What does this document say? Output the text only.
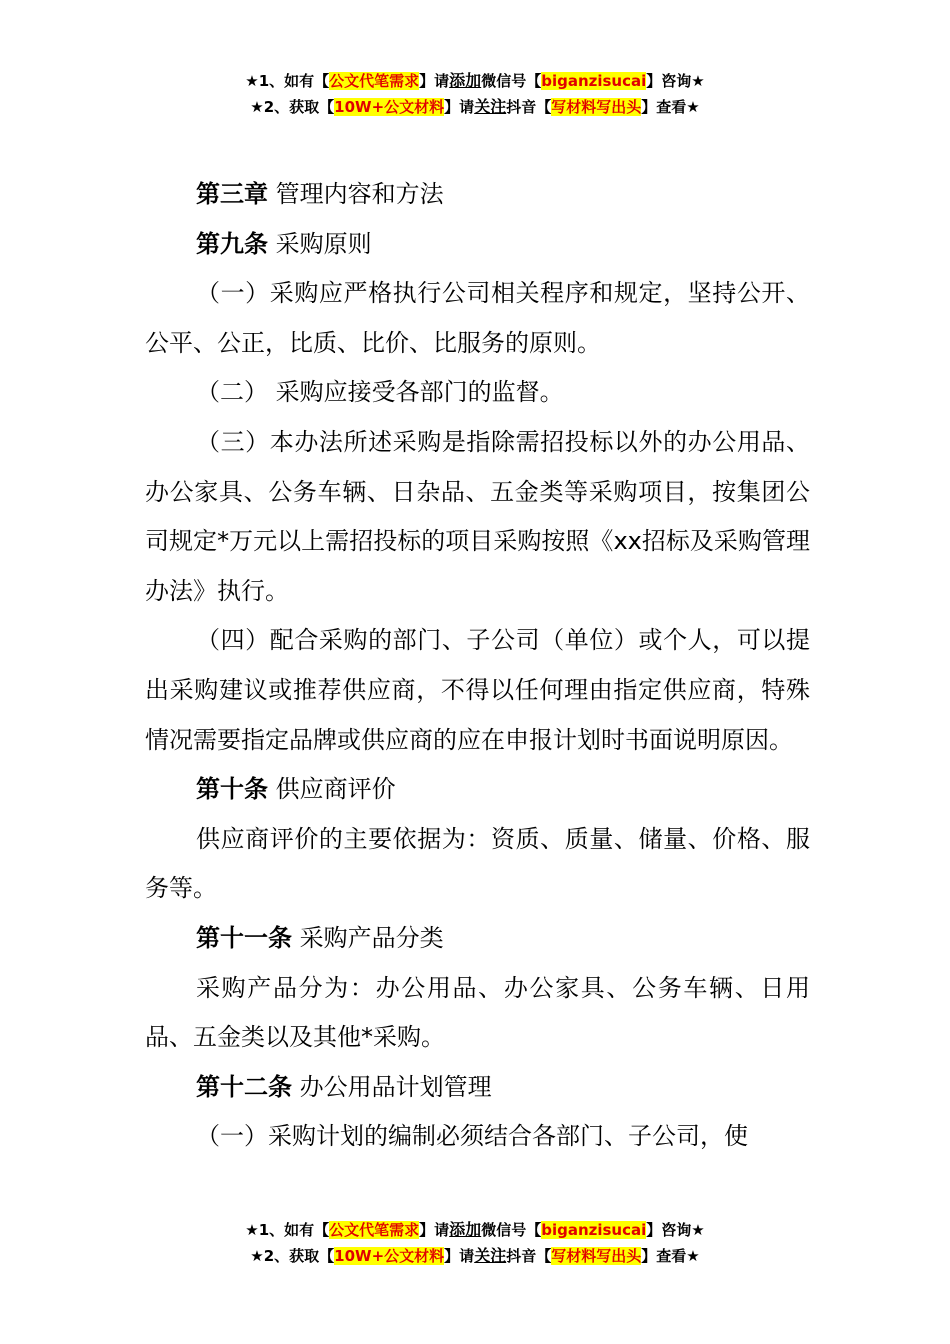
★1、如有【公文代笔需求】请添加微信号【biganzisucai】咨询★
★2、获取【10W+公文材料】请关注抖音【写材料写出头】查看★

第三章 管理内容和方法

第九条 采购原则

（一）采购应严格执行公司相关程序和规定，坚持公开、公平、公正，比质、比价、比服务的原则。

（二） 采购应接受各部门的监督。

（三）本办法所述采购是指除需招投标以外的办公用品、办公家具、公务车辆、日杂品、五金类等采购项目，按集团公司规定*万元以上需招投标的项目采购按照《xx招标及采购管理办法》执行。

（四）配合采购的部门、子公司（单位）或个人，可以提出采购建议或推荐供应商，不得以任何理由指定供应商，特殊情况需要指定品牌或供应商的应在申报计划时书面说明原因。

第十条 供应商评价

供应商评价的主要依据为：资质、质量、储量、价格、服务等。

第十一条 采购产品分类

采购产品分为：办公用品、办公家具、公务车辆、日用品、五金类以及其他*采购。

第十二条 办公用品计划管理

（一）采购计划的编制必须结合各部门、子公司，使

★1、如有【公文代笔需求】请添加微信号【biganzisucai】咨询★
★2、获取【10W+公文材料】请关注抖音【写材料写出头】查看★
